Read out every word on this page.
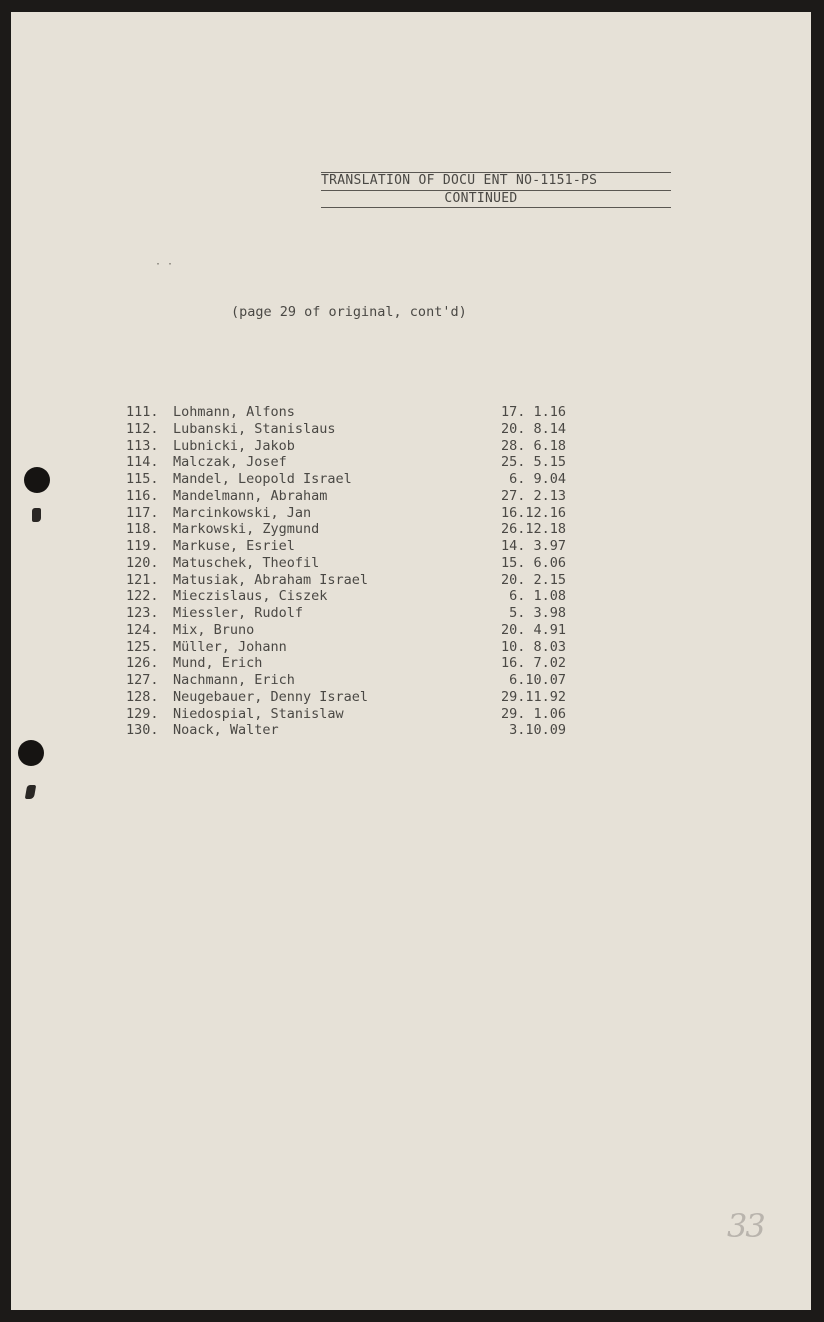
TRANSLATION OF DOCU ENT NO-1151-PS
CONTINUED
· ·
(page 29 of original, cont'd)
111.	Lohmann, Alfons	17. 1.16
112.	Lubanski, Stanislaus	20. 8.14
113.	Lubnicki, Jakob	28. 6.18
114.	Malczak, Josef	25. 5.15
115.	Mandel, Leopold Israel	6. 9.04
116.	Mandelmann, Abraham	27. 2.13
117.	Marcinkowski, Jan	16.12.16
118.	Markowski, Zygmund	26.12.18
119.	Markuse, Esriel	14. 3.97
120.	Matuschek, Theofil	15. 6.06
121.	Matusiak, Abraham Israel	20. 2.15
122.	Mieczislaus, Ciszek	6. 1.08
123.	Miessler, Rudolf	5. 3.98
124.	Mix, Bruno	20. 4.91
125.	Müller, Johann	10. 8.03
126.	Mund, Erich	16. 7.02
127.	Nachmann, Erich	6.10.07
128.	Neugebauer, Denny Israel	29.11.92
129.	Niedospial, Stanislaw	29. 1.06
130.	Noack, Walter	3.10.09
33
